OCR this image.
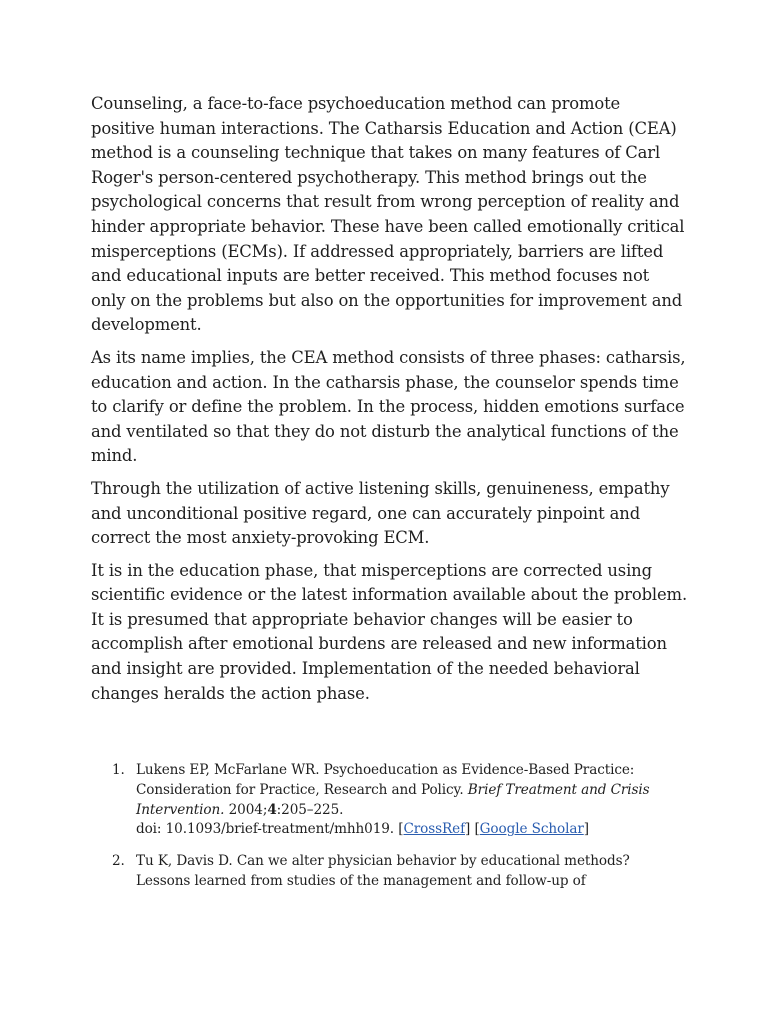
Counseling, a face-to-face psychoeducation method can promote positive human interactions. The Catharsis Education and Action (CEA) method is a counseling technique that takes on many features of Carl Roger's person-centered psychotherapy. This method brings out the psychological concerns that result from wrong perception of reality and hinder appropriate behavior. These have been called emotionally critical misperceptions (ECMs). If addressed appropriately, barriers are lifted and educational inputs are better received. This method focuses not only on the problems but also on the opportunities for improvement and development.

As its name implies, the CEA method consists of three phases: catharsis, education and action. In the catharsis phase, the counselor spends time to clarify or define the problem. In the process, hidden emotions surface and ventilated so that they do not disturb the analytical functions of the mind.

Through the utilization of active listening skills, genuineness, empathy and unconditional positive regard, one can accurately pinpoint and correct the most anxiety-provoking ECM.

It is in the education phase, that misperceptions are corrected using scientific evidence or the latest information available about the problem. It is presumed that appropriate behavior changes will be easier to accomplish after emotional burdens are released and new information and insight are provided. Implementation of the needed behavioral changes heralds the action phase.

1. Lukens EP, McFarlane WR. Psychoeducation as Evidence-Based Practice: Consideration for Practice, Research and Policy. Brief Treatment and Crisis Intervention. 2004;4:205–225.
doi: 10.1093/brief-treatment/mhh019. [CrossRef] [Google Scholar]
2. Tu K, Davis D. Can we alter physician behavior by educational methods? Lessons learned from studies of the management and follow-up of
